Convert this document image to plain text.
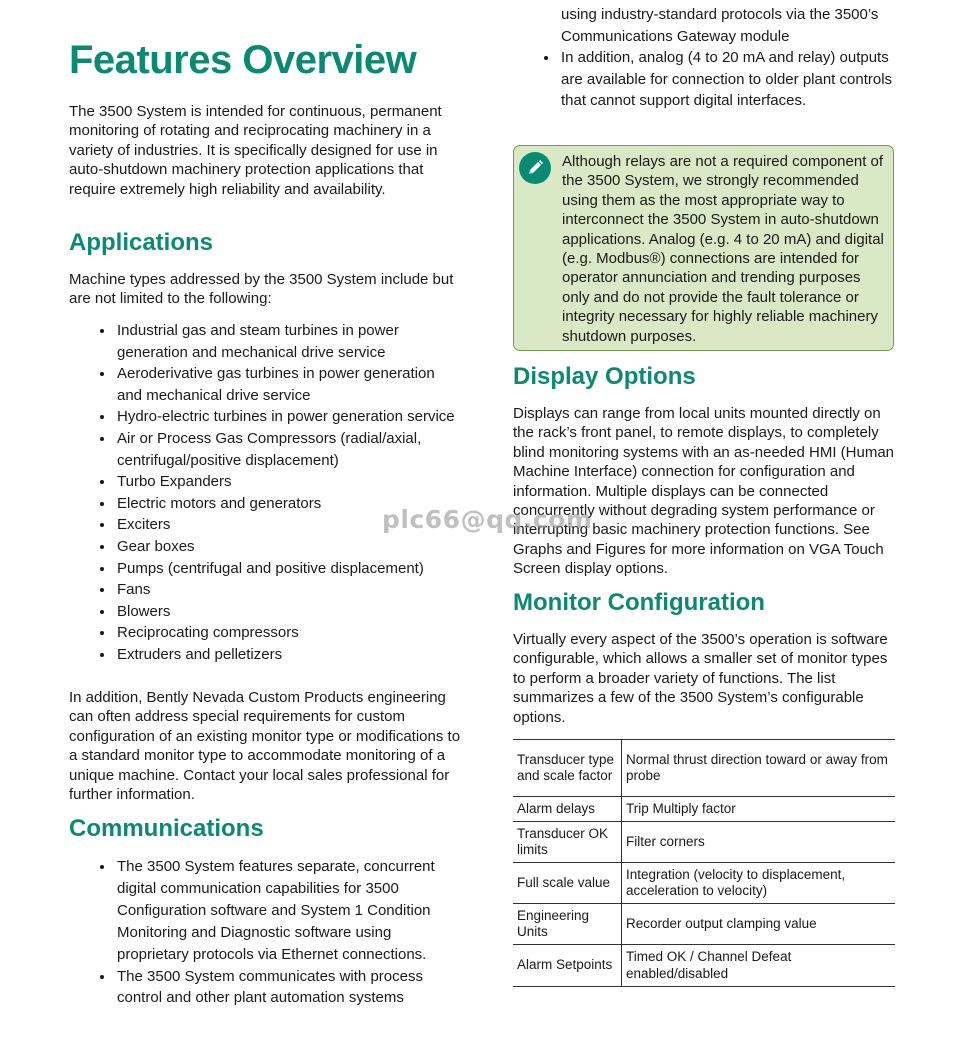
Features Overview

The 3500 System is intended for continuous, permanent monitoring of rotating and reciprocating machinery in a variety of industries. It is specifically designed for use in auto-shutdown machinery protection applications that require extremely high reliability and availability.

Applications

Machine types addressed by the 3500 System include but are not limited to the following:

Industrial gas and steam turbines in power generation and mechanical drive service
Aeroderivative gas turbines in power generation and mechanical drive service
Hydro-electric turbines in power generation service
Air or Process Gas Compressors (radial/axial, centrifugal/positive displacement)
Turbo Expanders
Electric motors and generators
Exciters
Gear boxes
Pumps (centrifugal and positive displacement)
Fans
Blowers
Reciprocating compressors
Extruders and pelletizers

In addition, Bently Nevada Custom Products engineering can often address special requirements for custom configuration of an existing monitor type or modifications to a standard monitor type to accommodate monitoring of a unique machine. Contact your local sales professional for further information.

Communications
The 3500 System features separate, concurrent digital communication capabilities for 3500 Configuration software and System 1 Condition Monitoring and Diagnostic software using proprietary protocols via Ethernet connections.
The 3500 System communicates with process control and other plant automation systems
using industry-standard protocols via the 3500’s Communications Gateway module
In addition, analog (4 to 20 mA and relay) outputs are available for connection to older plant controls that cannot support digital interfaces.

Although relays are not a required component of the 3500 System, we strongly recommended using them as the most appropriate way to interconnect the 3500 System in auto-shutdown applications. Analog (e.g. 4 to 20 mA) and digital (e.g. Modbus®) connections are intended for operator annunciation and trending purposes only and do not provide the fault tolerance or integrity necessary for highly reliable machinery shutdown purposes.

Display Options

Displays can range from local units mounted directly on the rack’s front panel, to remote displays, to completely blind monitoring systems with an as-needed HMI (Human Machine Interface) connection for configuration and information. Multiple displays can be connected concurrently without degrading system performance or interrupting basic machinery protection functions. See Graphs and Figures for more information on VGA Touch Screen display options.

Monitor Configuration

Virtually every aspect of the 3500’s operation is software configurable, which allows a smaller set of monitor types to perform a broader variety of functions. The list summarizes a few of the 3500 System’s configurable options.

Transducer type and scale factor	Normal thrust direction toward or away from probe
Alarm delays	Trip Multiply factor
Transducer OK limits	Filter corners
Full scale value	Integration (velocity to displacement, acceleration to velocity)
Engineering Units	Recorder output clamping value
Alarm Setpoints	Timed OK / Channel Defeat enabled/disabled
plc66@qq.com
